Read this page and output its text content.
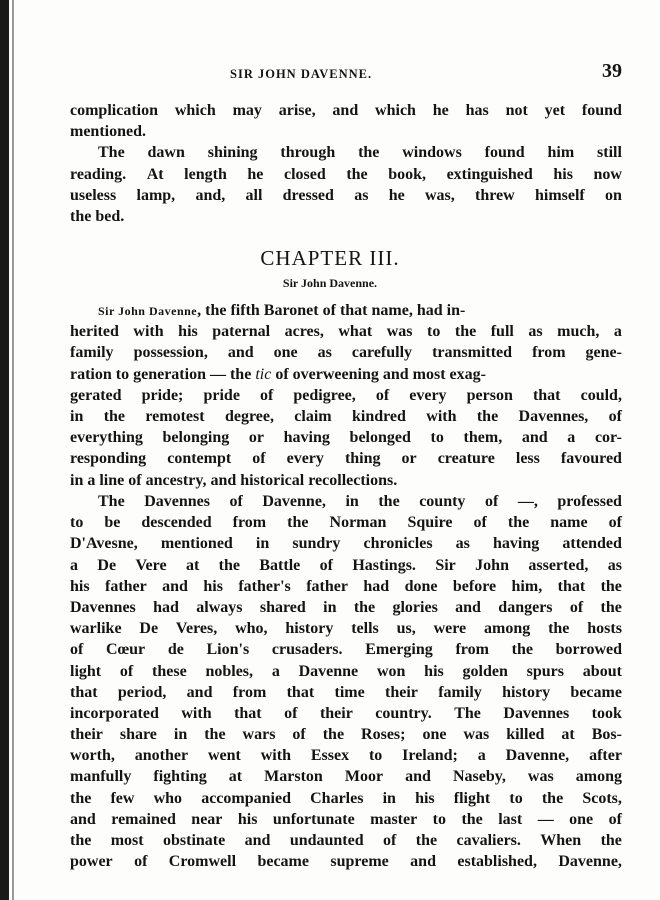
SIR JOHN DAVENNE.	39
complication which may arise, and which he has not yet found
mentioned.
The dawn shining through the windows found him still
reading. At length he closed the book, extinguished his now
useless lamp, and, all dressed as he was, threw himself on
the bed.
CHAPTER III.
Sir John Davenne.
Sir John Davenne, the fifth Baronet of that name, had in-
herited with his paternal acres, what was to the full as much, a
family possession, and one as carefully transmitted from gene-
ration to generation — the tic of overweening and most exag-
gerated pride; pride of pedigree, of every person that could,
in the remotest degree, claim kindred with the Davennes, of
everything belonging or having belonged to them, and a cor-
responding contempt of every thing or creature less favoured
in a line of ancestry, and historical recollections.
The Davennes of Davenne, in the county of —, professed
to be descended from the Norman Squire of the name of
D'Avesne, mentioned in sundry chronicles as having attended
a De Vere at the Battle of Hastings. Sir John asserted, as
his father and his father's father had done before him, that the
Davennes had always shared in the glories and dangers of the
warlike De Veres, who, history tells us, were among the hosts
of Cœur de Lion's crusaders. Emerging from the borrowed
light of these nobles, a Davenne won his golden spurs about
that period, and from that time their family history became
incorporated with that of their country. The Davennes took
their share in the wars of the Roses; one was killed at Bos-
worth, another went with Essex to Ireland; a Davenne, after
manfully fighting at Marston Moor and Naseby, was among
the few who accompanied Charles in his flight to the Scots,
and remained near his unfortunate master to the last — one of
the most obstinate and undaunted of the cavaliers. When the
power of Cromwell became supreme and established, Davenne,
